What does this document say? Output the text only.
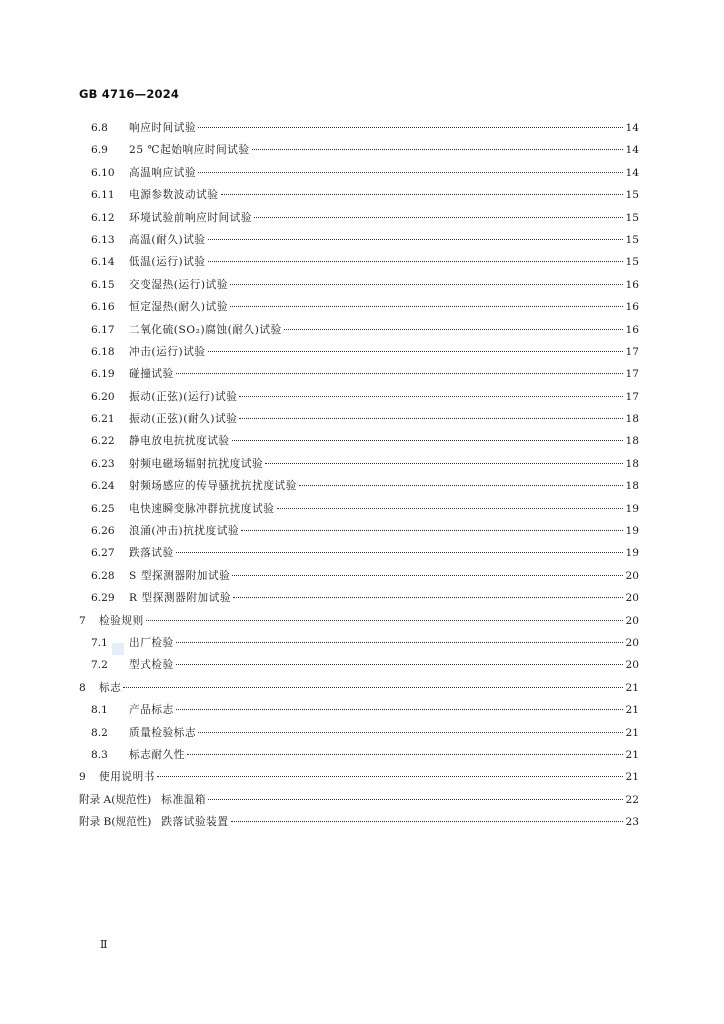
GB 4716—2024
6.8	响应时间试验	14
6.9	25 ℃起始响应时间试验	14
6.10	高温响应试验	14
6.11	电源参数波动试验	15
6.12	环境试验前响应时间试验	15
6.13	高温(耐久)试验	15
6.14	低温(运行)试验	15
6.15	交变湿热(运行)试验	16
6.16	恒定湿热(耐久)试验	16
6.17	二氧化硫(SO₂)腐蚀(耐久)试验	16
6.18	冲击(运行)试验	17
6.19	碰撞试验	17
6.20	振动(正弦)(运行)试验	17
6.21	振动(正弦)(耐久)试验	18
6.22	静电放电抗扰度试验	18
6.23	射频电磁场辐射抗扰度试验	18
6.24	射频场感应的传导骚扰抗扰度试验	18
6.25	电快速瞬变脉冲群抗扰度试验	19
6.26	浪涌(冲击)抗扰度试验	19
6.27	跌落试验	19
6.28	S 型探测器附加试验	20
6.29	R 型探测器附加试验	20
7	检验规则	20
7.1	出厂检验	20
7.2	型式检验	20
8	标志	21
8.1	产品标志	21
8.2	质量检验标志	21
8.3	标志耐久性	21
9	使用说明书	21
附录 A(规范性) 标准温箱	22
附录 B(规范性) 跌落试验装置	23
Ⅱ
